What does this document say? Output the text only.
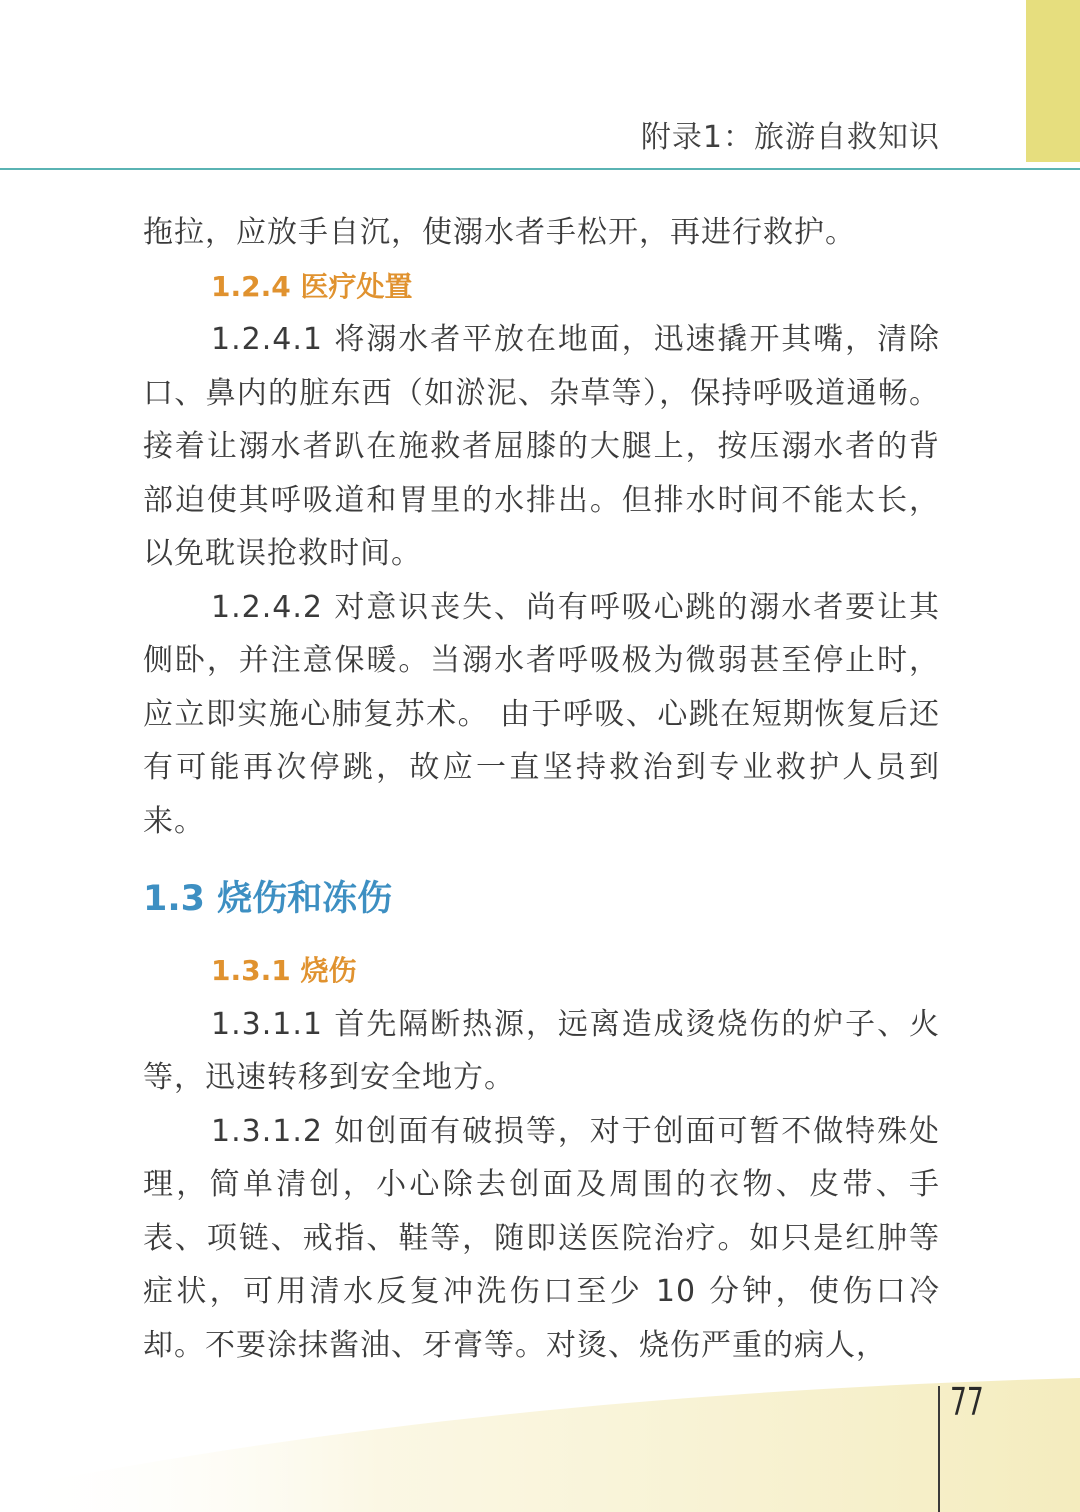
附录1：旅游自救知识

拖拉，应放手自沉，使溺水者手松开，再进行救护。

1.2.4 医疗处置

1.2.4.1 将溺水者平放在地面，迅速撬开其嘴，清除口、鼻内的脏东西（如淤泥、杂草等），保持呼吸道通畅。 接着让溺水者趴在施救者屈膝的大腿上，按压溺水者的背部迫使其呼吸道和胃里的水排出。但排水时间不能太长，以免耽误抢救时间。

1.2.4.2 对意识丧失、尚有呼吸心跳的溺水者要让其侧卧，并注意保暖。当溺水者呼吸极为微弱甚至停止时，应立即实施心肺复苏术。 由于呼吸、心跳在短期恢复后还有可能再次停跳，故应一直坚持救治到专业救护人员到来。

1.3 烧伤和冻伤
1.3.1 烧伤

1.3.1.1 首先隔断热源，远离造成烫烧伤的炉子、火等，迅速转移到安全地方。

1.3.1.2 如创面有破损等，对于创面可暂不做特殊处理，简单清创，小心除去创面及周围的衣物、皮带、手表、项链、戒指、鞋等，随即送医院治疗。如只是红肿等症状，可用清水反复冲洗伤口至少 10 分钟，使伤口冷却。不要涂抹酱油、牙膏等。对烫、烧伤严重的病人，

77
